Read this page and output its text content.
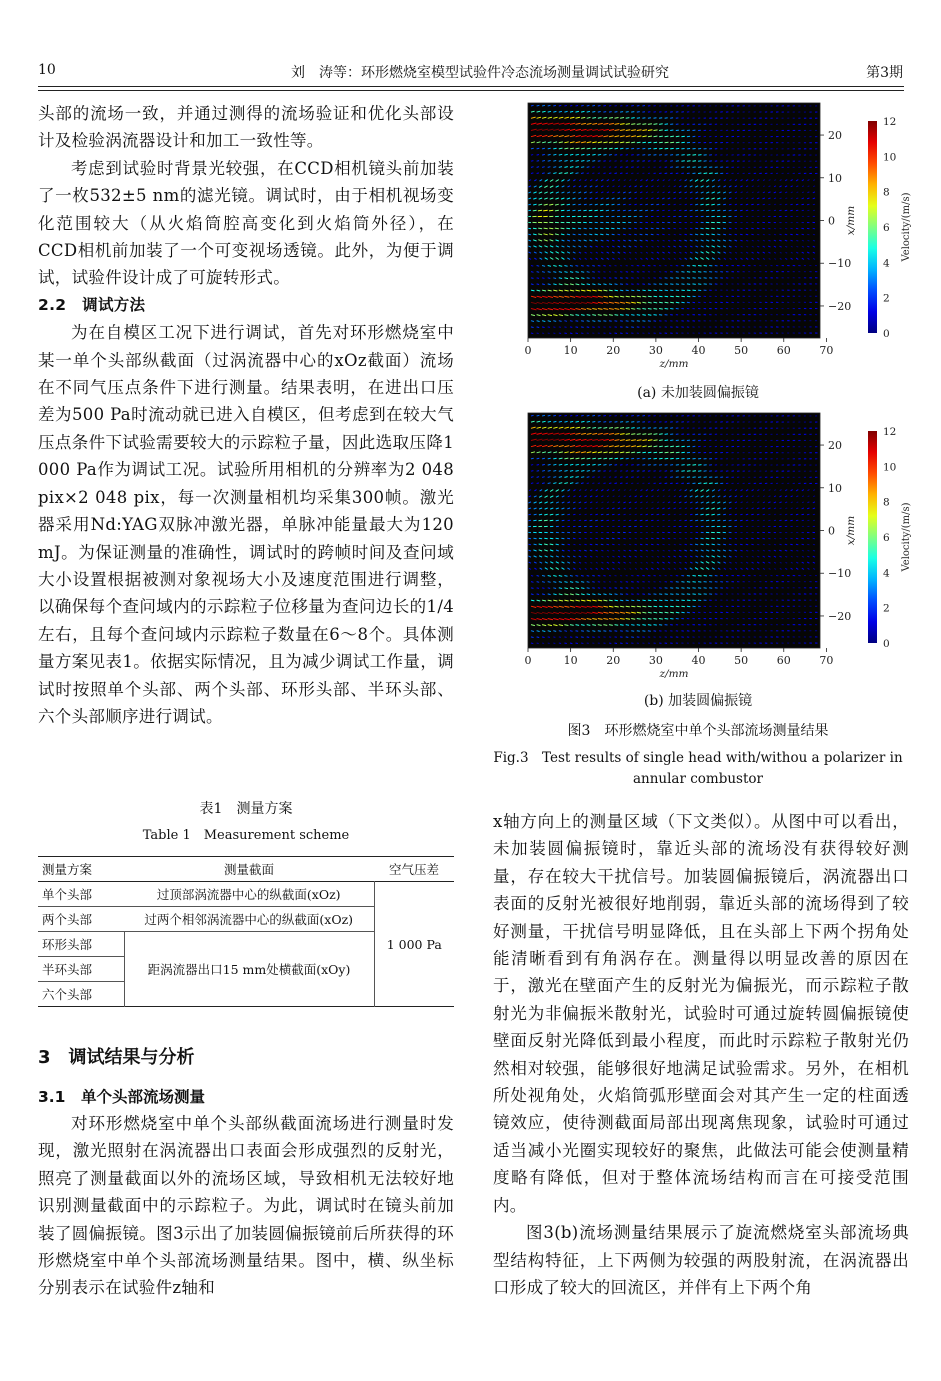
10	刘　涛等：环形燃烧室模型试验件冷态流场测量调试试验研究	第3期

头部的流场一致，并通过测得的流场验证和优化头部设计及检验涡流器设计和加工一致性等。

考虑到试验时背景光较强，在CCD相机镜头前加装了一枚532±5 nm的滤光镜。调试时，由于相机视场变化范围较大（从火焰筒腔高变化到火焰筒外径），在CCD相机前加装了一个可变视场透镜。此外，为便于调试，试验件设计成了可旋转形式。

2.2　调试方法

为在自模区工况下进行调试，首先对环形燃烧室中某一单个头部纵截面（过涡流器中心的xOz截面）流场在不同气压点条件下进行测量。结果表明，在进出口压差为500 Pa时流动就已进入自模区，但考虑到在较大气压点条件下试验需要较大的示踪粒子量，因此选取压降1 000 Pa作为调试工况。试验所用相机的分辨率为2 048 pix×2 048 pix，每一次测量相机均采集300帧。激光器采用Nd:YAG双脉冲激光器，单脉冲能量最大为120 mJ。为保证测量的准确性，调试时的跨帧时间及查问域大小设置根据被测对象视场大小及速度范围进行调整，以确保每个查问域内的示踪粒子位移量为查问边长的1/4左右，且每个查问域内示踪粒子数量在6～8个。具体测量方案见表1。依据实际情况，且为减少调试工作量，调试时按照单个头部、两个头部、环形头部、半环头部、六个头部顺序进行调试。

表1　测量方案
Table 1　Measurement scheme
测量方案	测量截面	空气压差
单个头部	过顶部涡流器中心的纵截面(xOz)	1 000 Pa
两个头部	过两个相邻涡流器中心的纵截面(xOz)	
环形头部	距涡流器出口15 mm处横截面(xOy)	
半环头部		
六个头部		
3　调试结果与分析
3.1　单个头部流场测量

对环形燃烧室中单个头部纵截面流场进行测量时发现，激光照射在涡流器出口表面会形成强烈的反射光，照亮了测量截面以外的流场区域，导致相机无法较好地识别测量截面中的示踪粒子。为此，调试时在镜头前加装了圆偏振镜。图3示出了加装圆偏振镜前后所获得的环形燃烧室中单个头部流场测量结果。图中，横、纵坐标分别表示在试验件z轴和

0	10	20	30	40	50	60	70
z/mm
20
10
0
−10
−20
x/mm
12
10
8
6
4
2
0
Velocity/(m/s)
(a) 未加装圆偏振镜
0	10	20	30	40	50	60	70
z/mm
20
10
0
−10
−20
x/mm
12
10
8
6
4
2
0
Velocity/(m/s)
(b) 加装圆偏振镜
图3　环形燃烧室中单个头部流场测量结果
Fig.3　Test results of single head with/withou a polarizer in
annular combustor

x轴方向上的测量区域（下文类似）。从图中可以看出，未加装圆偏振镜时，靠近头部的流场没有获得较好测量，存在较大干扰信号。加装圆偏振镜后，涡流器出口表面的反射光被很好地削弱，靠近头部的流场得到了较好测量，干扰信号明显降低，且在头部上下两个拐角处能清晰看到有角涡存在。测量得以明显改善的原因在于，激光在壁面产生的反射光为偏振光，而示踪粒子散射光为非偏振米散射光，试验时可通过旋转圆偏振镜使壁面反射光降低到最小程度，而此时示踪粒子散射光仍然相对较强，能够很好地满足试验需求。另外，在相机所处视角处，火焰筒弧形壁面会对其产生一定的柱面透镜效应，使待测截面局部出现离焦现象，试验时可通过适当减小光圈实现较好的聚焦，此做法可能会使测量精度略有降低，但对于整体流场结构而言在可接受范围内。

图3(b)流场测量结果展示了旋流燃烧室头部流场典型结构特征，上下两侧为较强的两股射流，在涡流器出口形成了较大的回流区，并伴有上下两个角
